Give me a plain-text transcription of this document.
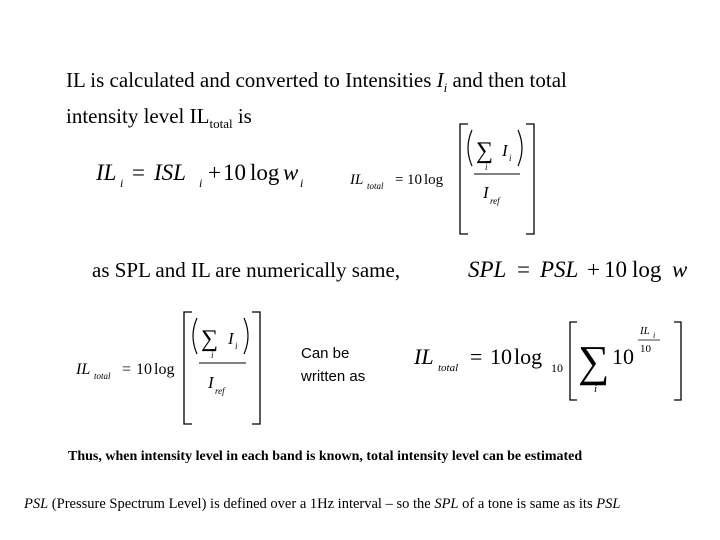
IL is calculated and converted to Intensities $I_i$ and then total
intensity level $IL_{total}$ is
IL i = ISL i + 10 log w i	IL total = 10 log
∑
i
I i
I ref
as SPL and IL are numerically same,	SPL = PSL + 10 log w
IL total = 10 log
∑
i
I i
I ref
Can be
written as
IL total = 10 log 10 ∑
i
10
IL i
10
Thus, when intensity level in each band is known, total intensity level can be estimated
PSL (Pressure Spectrum Level) is defined over a 1Hz interval – so the SPL of a tone is same as its PSL
